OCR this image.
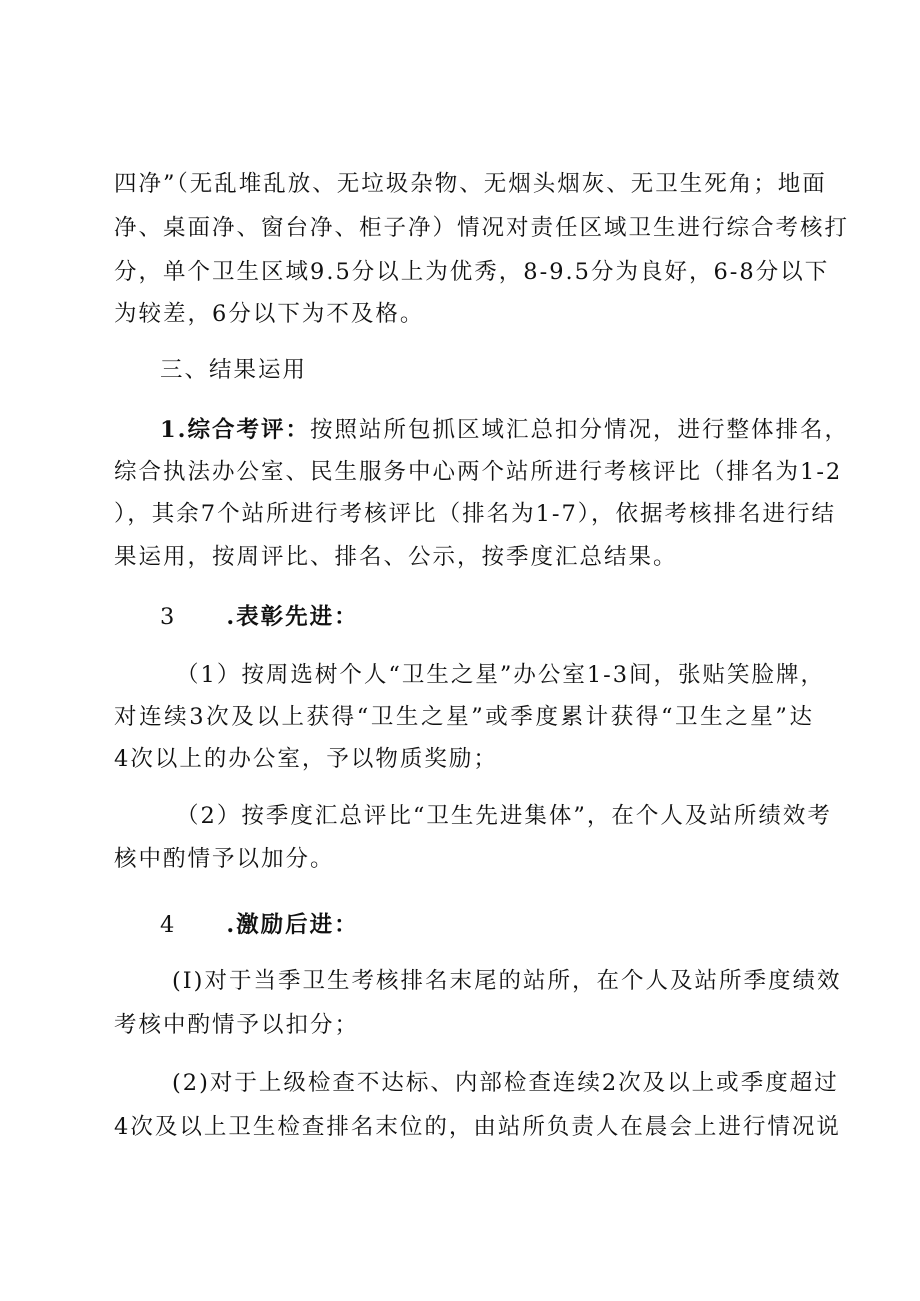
四净”（无乱堆乱放、无垃圾杂物、无烟头烟灰、无卫生死角；地面
净、桌面净、窗台净、柜子净）情况对责任区域卫生进行综合考核打
分，单个卫生区域9.5分以上为优秀，8-9.5分为良好，6-8分以下
为较差，6分以下为不及格。
三、结果运用
1.综合考评：按照站所包抓区域汇总扣分情况，进行整体排名，
综合执法办公室、民生服务中心两个站所进行考核评比（排名为1-2
），其余7个站所进行考核评比（排名为1-7），依据考核排名进行结
果运用，按周评比、排名、公示，按季度汇总结果。
3 .表彰先进：
（1）按周选树个人“卫生之星”办公室1-3间，张贴笑脸牌，
对连续3次及以上获得“卫生之星”或季度累计获得“卫生之星”达
4次以上的办公室，予以物质奖励；
（2）按季度汇总评比“卫生先进集体”，在个人及站所绩效考
核中酌情予以加分。
4 .激励后进：
(I)对于当季卫生考核排名末尾的站所，在个人及站所季度绩效
考核中酌情予以扣分；
(2)对于上级检查不达标、内部检查连续2次及以上或季度超过
4次及以上卫生检查排名末位的，由站所负责人在晨会上进行情况说
